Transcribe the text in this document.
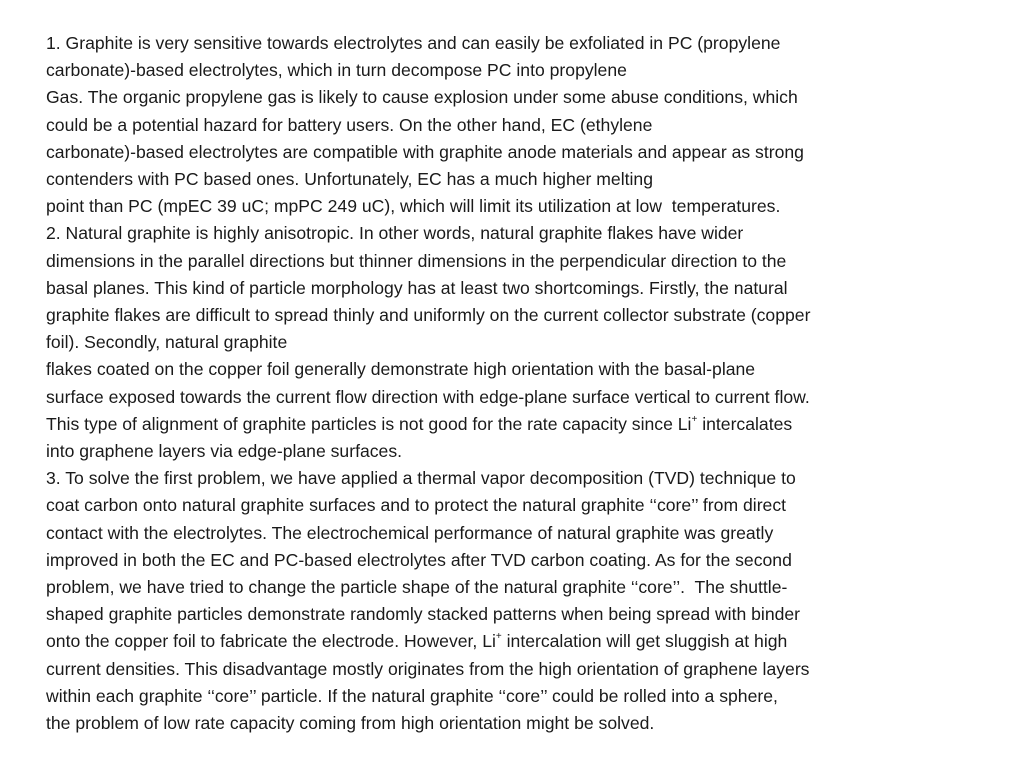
1. Graphite is very sensitive towards electrolytes and can easily be exfoliated in PC (propylene
carbonate)-based electrolytes, which in turn decompose PC into propylene
Gas. The organic propylene gas is likely to cause explosion under some abuse conditions, which
could be a potential hazard for battery users. On the other hand, EC (ethylene
carbonate)-based electrolytes are compatible with graphite anode materials and appear as strong
contenders with PC based ones. Unfortunately, EC has a much higher melting
point than PC (mpEC 39 uC; mpPC 249 uC), which will limit its utilization at low  temperatures.
2. Natural graphite is highly anisotropic. In other words, natural graphite flakes have wider
dimensions in the parallel directions but thinner dimensions in the perpendicular direction to the
basal planes. This kind of particle morphology has at least two shortcomings. Firstly, the natural
graphite flakes are difficult to spread thinly and uniformly on the current collector substrate (copper
foil). Secondly, natural graphite
flakes coated on the copper foil generally demonstrate high orientation with the basal-plane
surface exposed towards the current flow direction with edge-plane surface vertical to current flow.
This type of alignment of graphite particles is not good for the rate capacity since Li+ intercalates
into graphene layers via edge-plane surfaces.
3. To solve the first problem, we have applied a thermal vapor decomposition (TVD) technique to
coat carbon onto natural graphite surfaces and to protect the natural graphite ‘‘core’’ from direct
contact with the electrolytes. The electrochemical performance of natural graphite was greatly
improved in both the EC and PC-based electrolytes after TVD carbon coating. As for the second
problem, we have tried to change the particle shape of the natural graphite ‘‘core’’.  The shuttle-
shaped graphite particles demonstrate randomly stacked patterns when being spread with binder
onto the copper foil to fabricate the electrode. However, Li+ intercalation will get sluggish at high
current densities. This disadvantage mostly originates from the high orientation of graphene layers
within each graphite ‘‘core’’ particle. If the natural graphite ‘‘core’’ could be rolled into a sphere,
the problem of low rate capacity coming from high orientation might be solved.
